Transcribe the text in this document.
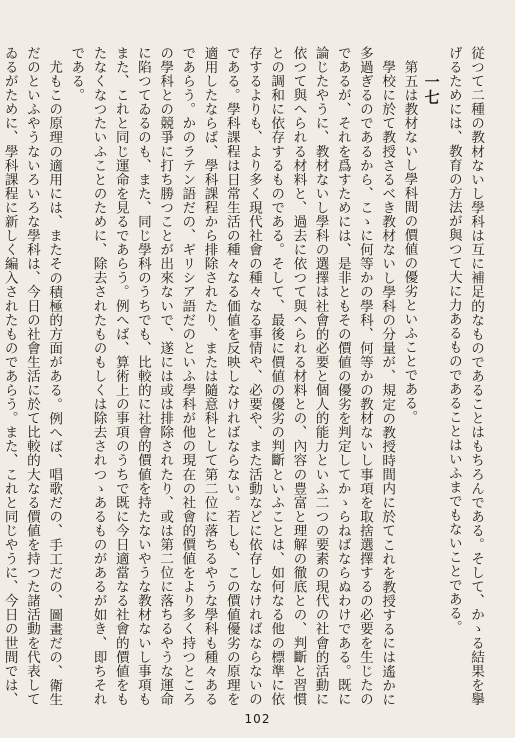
従つて二種の教材ないし學科は互に補足的なものであることはもちろんである。そして、かゝる結果を擧げるためには、教育の方法が與つて大に力あるものであることはいふまでもないことである。

一七

第五は教材ないし學科間の價値の優劣といふことである。

學校に於て教授さるべき教材ないし學科の分量が、規定の教授時間内に於てこれを教授するには遙かに多過ぎるのであるから、こゝに何等かの學科、何等かの教材ないし事項を取捨選擇するの必要を生じたのであるが、それを爲すためには、是非ともその價値の優劣を判定してかゝらねばならぬわけである。既に論じたやうに、教材ないし學科の選擇は社會的必要と個人的能力といふ二つの要素の現代の社會的活動に依つて與へられる材料と、過去に依つて與へられる材料との、內容の豊富と理解の徹底との、判斷と習慣との調和に依存するものである。そして、最後に價値の優劣の判斷といふことは、如何なる他の標準に依存するよりも、より多く現代社會の種々なる事情や、必要や、また活動などに依存しなければならないのである。學科課程は日常生活の種々なる価値を反映しなければならない。若しも、この價値優劣の原理を適用したならば、學科課程から排除されたり、または隨意科として第二位に落ちるやうな學科も種々あるであらう。かのラテン語だの、ギリシア語だのといふ學科が他の現在の社會的價値をより多く持つところの學科との競爭に打ち勝つことが出來ないで、遂には或は排除されたり、或は第二位に落ちるやうな運命に陷つてゐるのも、また、同じ學科のうちでも、比較的に社會的價値を持たないやうな教材ないし事項もまた、これと同じ運命を見るであらう。例へば、算術上の事項のうちで既に今日適當なる社會的價値をもたなくなつたいふことのために、除去されたものもしくは除去されつゝあるものがあるが如き、即ちそれである。

尤もこの原理の適用には、またその積極的方面がある。例へば、唱歌だの、手工だの、圖畫だの、衛生だのといふやうないろいろな學科は、今日の社會生活に於て比較的大なる價値を持つた諸活動を代表してゐるがために、學科課程に新しく編入されたものであらう。また、これと同じやうに、今日の世間では、

102
